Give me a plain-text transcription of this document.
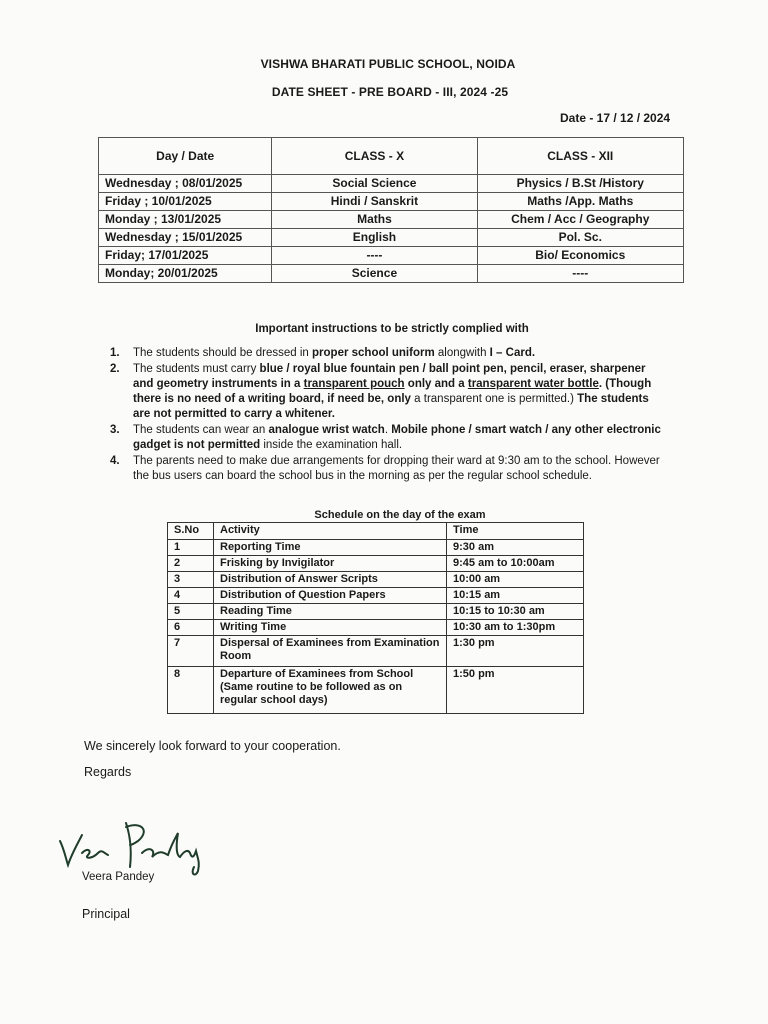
VISHWA BHARATI PUBLIC SCHOOL, NOIDA
DATE SHEET - PRE BOARD - III, 2024 -25
Date - 17 / 12 / 2024
Day / Date	CLASS - X	CLASS - XII
Wednesday ; 08/01/2025	Social Science	Physics / B.St /History
Friday ; 10/01/2025	Hindi / Sanskrit	Maths /App. Maths
Monday ; 13/01/2025	Maths	Chem / Acc / Geography
Wednesday ; 15/01/2025	English	Pol. Sc.
Friday; 17/01/2025	----	Bio/ Economics
Monday; 20/01/2025	Science	----
Important instructions to be strictly complied with
1. The students should be dressed in proper school uniform alongwith I – Card.
2. The students must carry blue / royal blue fountain pen / ball point pen, pencil, eraser, sharpener and geometry instruments in a transparent pouch only and a transparent water bottle. (Though there is no need of a writing board, if need be, only a transparent one is permitted.) The students are not permitted to carry a whitener.
3. The students can wear an analogue wrist watch. Mobile phone / smart watch / any other electronic gadget is not permitted inside the examination hall.
4. The parents need to make due arrangements for dropping their ward at 9:30 am to the school. However the bus users can board the school bus in the morning as per the regular school schedule.
Schedule on the day of the exam
S.No	Activity	Time
1	Reporting Time	9:30 am
2	Frisking by Invigilator	9:45 am to 10:00am
3	Distribution of Answer Scripts	10:00 am
4	Distribution of Question Papers	10:15 am
5	Reading Time	10:15 to 10:30 am
6	Writing Time	10:30 am to 1:30pm
7	Dispersal of Examinees from Examination Room	1:30 pm
8	Departure of Examinees from School (Same routine to be followed as on regular school days)	1:50 pm
We sincerely look forward to your cooperation.
Regards
Veera Pandey
Principal
